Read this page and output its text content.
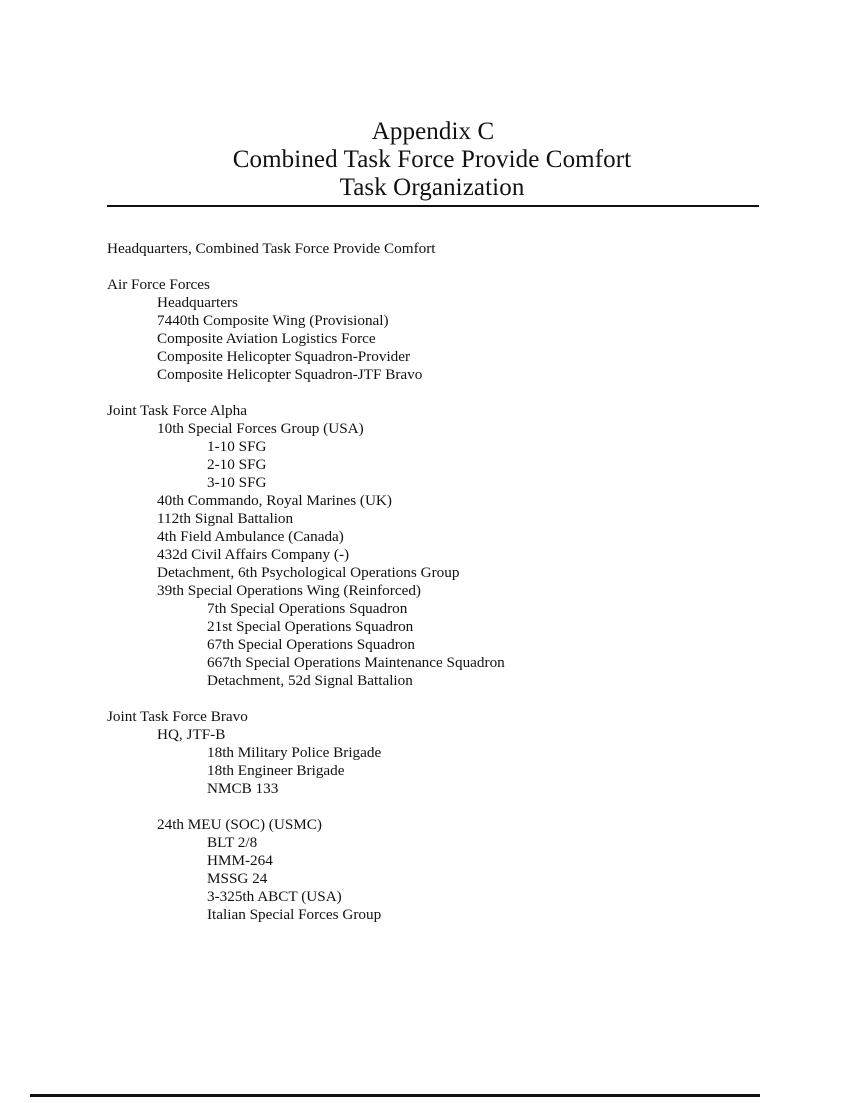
Appendix C
Combined Task Force Provide Comfort
Task Organization
Headquarters, Combined Task Force Provide Comfort
Air Force Forces
Headquarters
7440th Composite Wing (Provisional)
Composite Aviation Logistics Force
Composite Helicopter Squadron-Provider
Composite Helicopter Squadron-JTF Bravo
Joint Task Force Alpha
10th Special Forces Group (USA)
1-10 SFG
2-10 SFG
3-10 SFG
40th Commando, Royal Marines (UK)
112th Signal Battalion
4th Field Ambulance (Canada)
432d Civil Affairs Company (-)
Detachment, 6th Psychological Operations Group
39th Special Operations Wing (Reinforced)
7th Special Operations Squadron
21st Special Operations Squadron
67th Special Operations Squadron
667th Special Operations Maintenance Squadron
Detachment, 52d Signal Battalion
Joint Task Force Bravo
HQ, JTF-B
18th Military Police Brigade
18th Engineer Brigade
NMCB 133
24th MEU (SOC) (USMC)
BLT 2/8
HMM-264
MSSG 24
3-325th ABCT (USA)
Italian Special Forces Group
